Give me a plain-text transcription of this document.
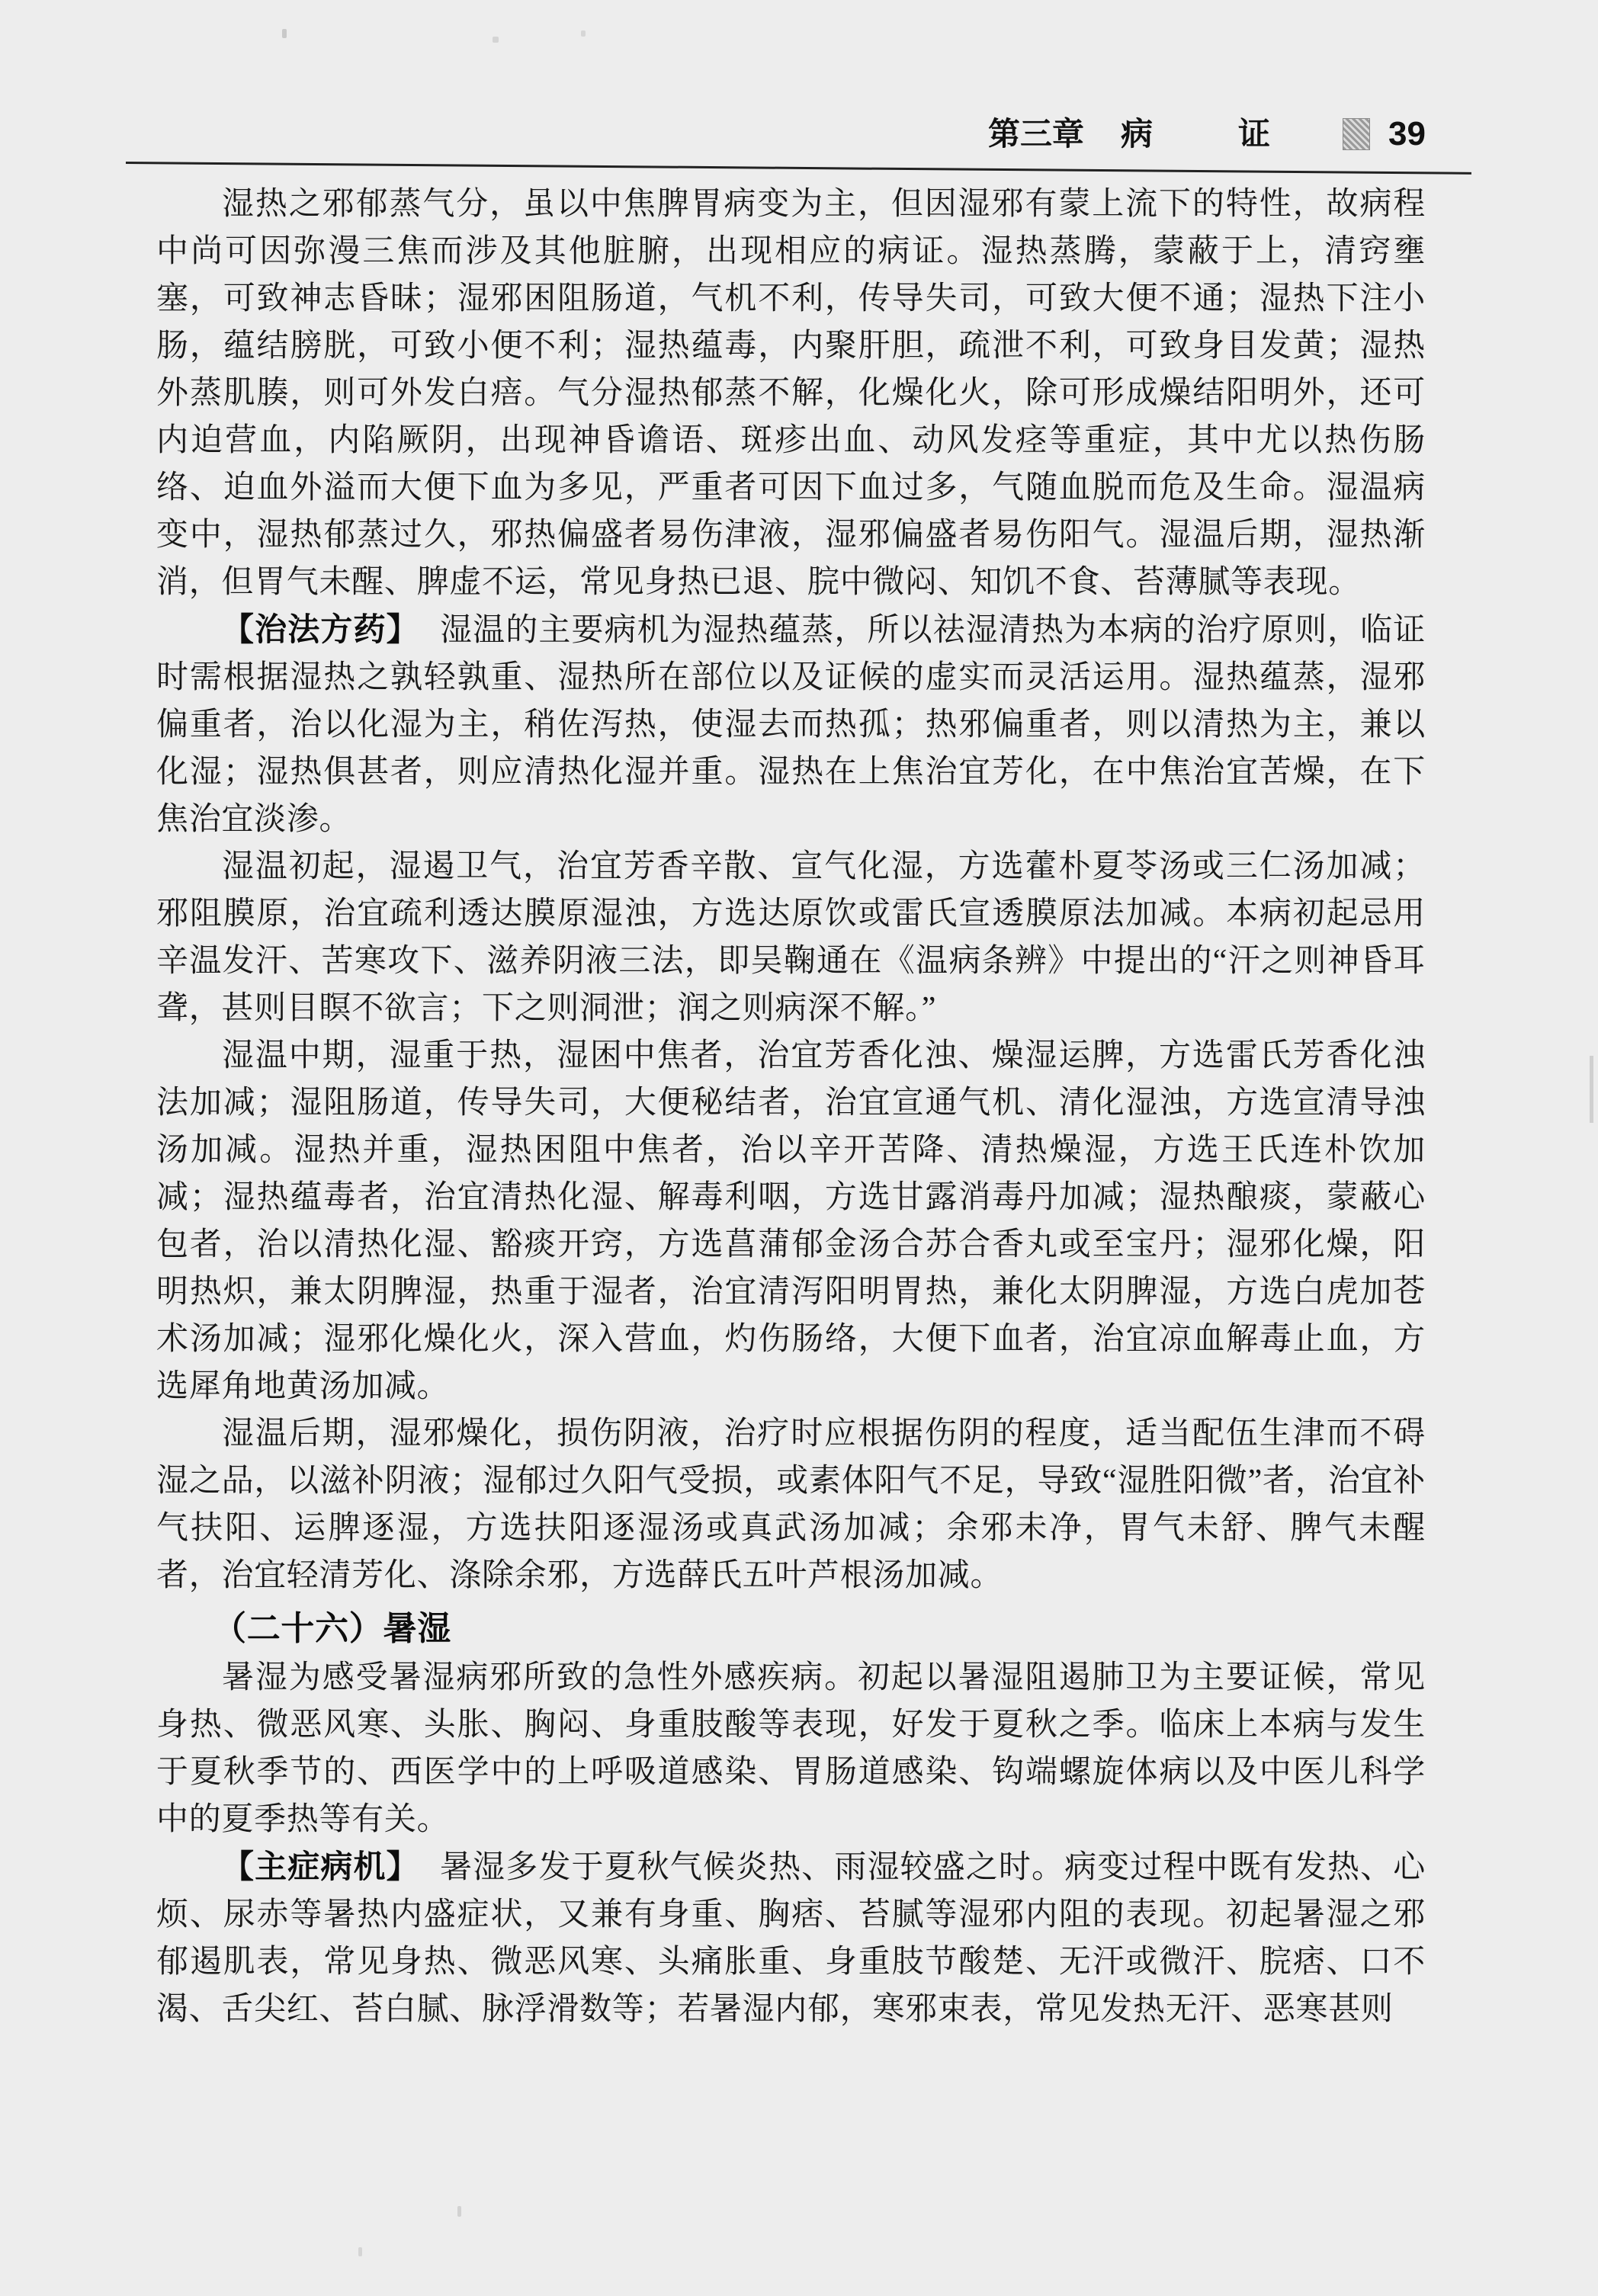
第三章 病	证	39

湿热之邪郁蒸气分，虽以中焦脾胃病变为主，但因湿邪有蒙上流下的特性，故病程中尚可因弥漫三焦而涉及其他脏腑，出现相应的病证。湿热蒸腾，蒙蔽于上，清窍壅塞，可致神志昏昧；湿邪困阻肠道，气机不利，传导失司，可致大便不通；湿热下注小肠，蕴结膀胱，可致小便不利；湿热蕴毒，内聚肝胆，疏泄不利，可致身目发黄；湿热外蒸肌腠，则可外发白㾦。气分湿热郁蒸不解，化燥化火，除可形成燥结阳明外，还可内迫营血，内陷厥阴，出现神昏谵语、斑疹出血、动风发痉等重症，其中尤以热伤肠络、迫血外溢而大便下血为多见，严重者可因下血过多，气随血脱而危及生命。湿温病变中，湿热郁蒸过久，邪热偏盛者易伤津液，湿邪偏盛者易伤阳气。湿温后期，湿热渐消，但胃气未醒、脾虚不运，常见身热已退、脘中微闷、知饥不食、苔薄腻等表现。

【治法方药】 湿温的主要病机为湿热蕴蒸，所以祛湿清热为本病的治疗原则，临证时需根据湿热之孰轻孰重、湿热所在部位以及证候的虚实而灵活运用。湿热蕴蒸，湿邪偏重者，治以化湿为主，稍佐泻热，使湿去而热孤；热邪偏重者，则以清热为主，兼以化湿；湿热俱甚者，则应清热化湿并重。湿热在上焦治宜芳化，在中焦治宜苦燥，在下焦治宜淡渗。

湿温初起，湿遏卫气，治宜芳香辛散、宣气化湿，方选藿朴夏苓汤或三仁汤加减；邪阻膜原，治宜疏利透达膜原湿浊，方选达原饮或雷氏宣透膜原法加减。本病初起忌用辛温发汗、苦寒攻下、滋养阴液三法，即吴鞠通在《温病条辨》中提出的“汗之则神昏耳聋，甚则目瞑不欲言；下之则洞泄；润之则病深不解。”

湿温中期，湿重于热，湿困中焦者，治宜芳香化浊、燥湿运脾，方选雷氏芳香化浊法加减；湿阻肠道，传导失司，大便秘结者，治宜宣通气机、清化湿浊，方选宣清导浊汤加减。湿热并重，湿热困阻中焦者，治以辛开苦降、清热燥湿，方选王氏连朴饮加减；湿热蕴毒者，治宜清热化湿、解毒利咽，方选甘露消毒丹加减；湿热酿痰，蒙蔽心包者，治以清热化湿、豁痰开窍，方选菖蒲郁金汤合苏合香丸或至宝丹；湿邪化燥，阳明热炽，兼太阴脾湿，热重于湿者，治宜清泻阳明胃热，兼化太阴脾湿，方选白虎加苍术汤加减；湿邪化燥化火，深入营血，灼伤肠络，大便下血者，治宜凉血解毒止血，方选犀角地黄汤加减。

湿温后期，湿邪燥化，损伤阴液，治疗时应根据伤阴的程度，适当配伍生津而不碍湿之品，以滋补阴液；湿郁过久阳气受损，或素体阳气不足，导致“湿胜阳微”者，治宜补气扶阳、运脾逐湿，方选扶阳逐湿汤或真武汤加减；余邪未净，胃气未舒、脾气未醒者，治宜轻清芳化、涤除余邪，方选薛氏五叶芦根汤加减。

（二十六）暑湿

暑湿为感受暑湿病邪所致的急性外感疾病。初起以暑湿阻遏肺卫为主要证候，常见身热、微恶风寒、头胀、胸闷、身重肢酸等表现，好发于夏秋之季。临床上本病与发生于夏秋季节的、西医学中的上呼吸道感染、胃肠道感染、钩端螺旋体病以及中医儿科学中的夏季热等有关。

【主症病机】 暑湿多发于夏秋气候炎热、雨湿较盛之时。病变过程中既有发热、心烦、尿赤等暑热内盛症状，又兼有身重、胸痞、苔腻等湿邪内阻的表现。初起暑湿之邪郁遏肌表，常见身热、微恶风寒、头痛胀重、身重肢节酸楚、无汗或微汗、脘痞、口不渴、舌尖红、苔白腻、脉浮滑数等；若暑湿内郁，寒邪束表，常见发热无汗、恶寒甚则
